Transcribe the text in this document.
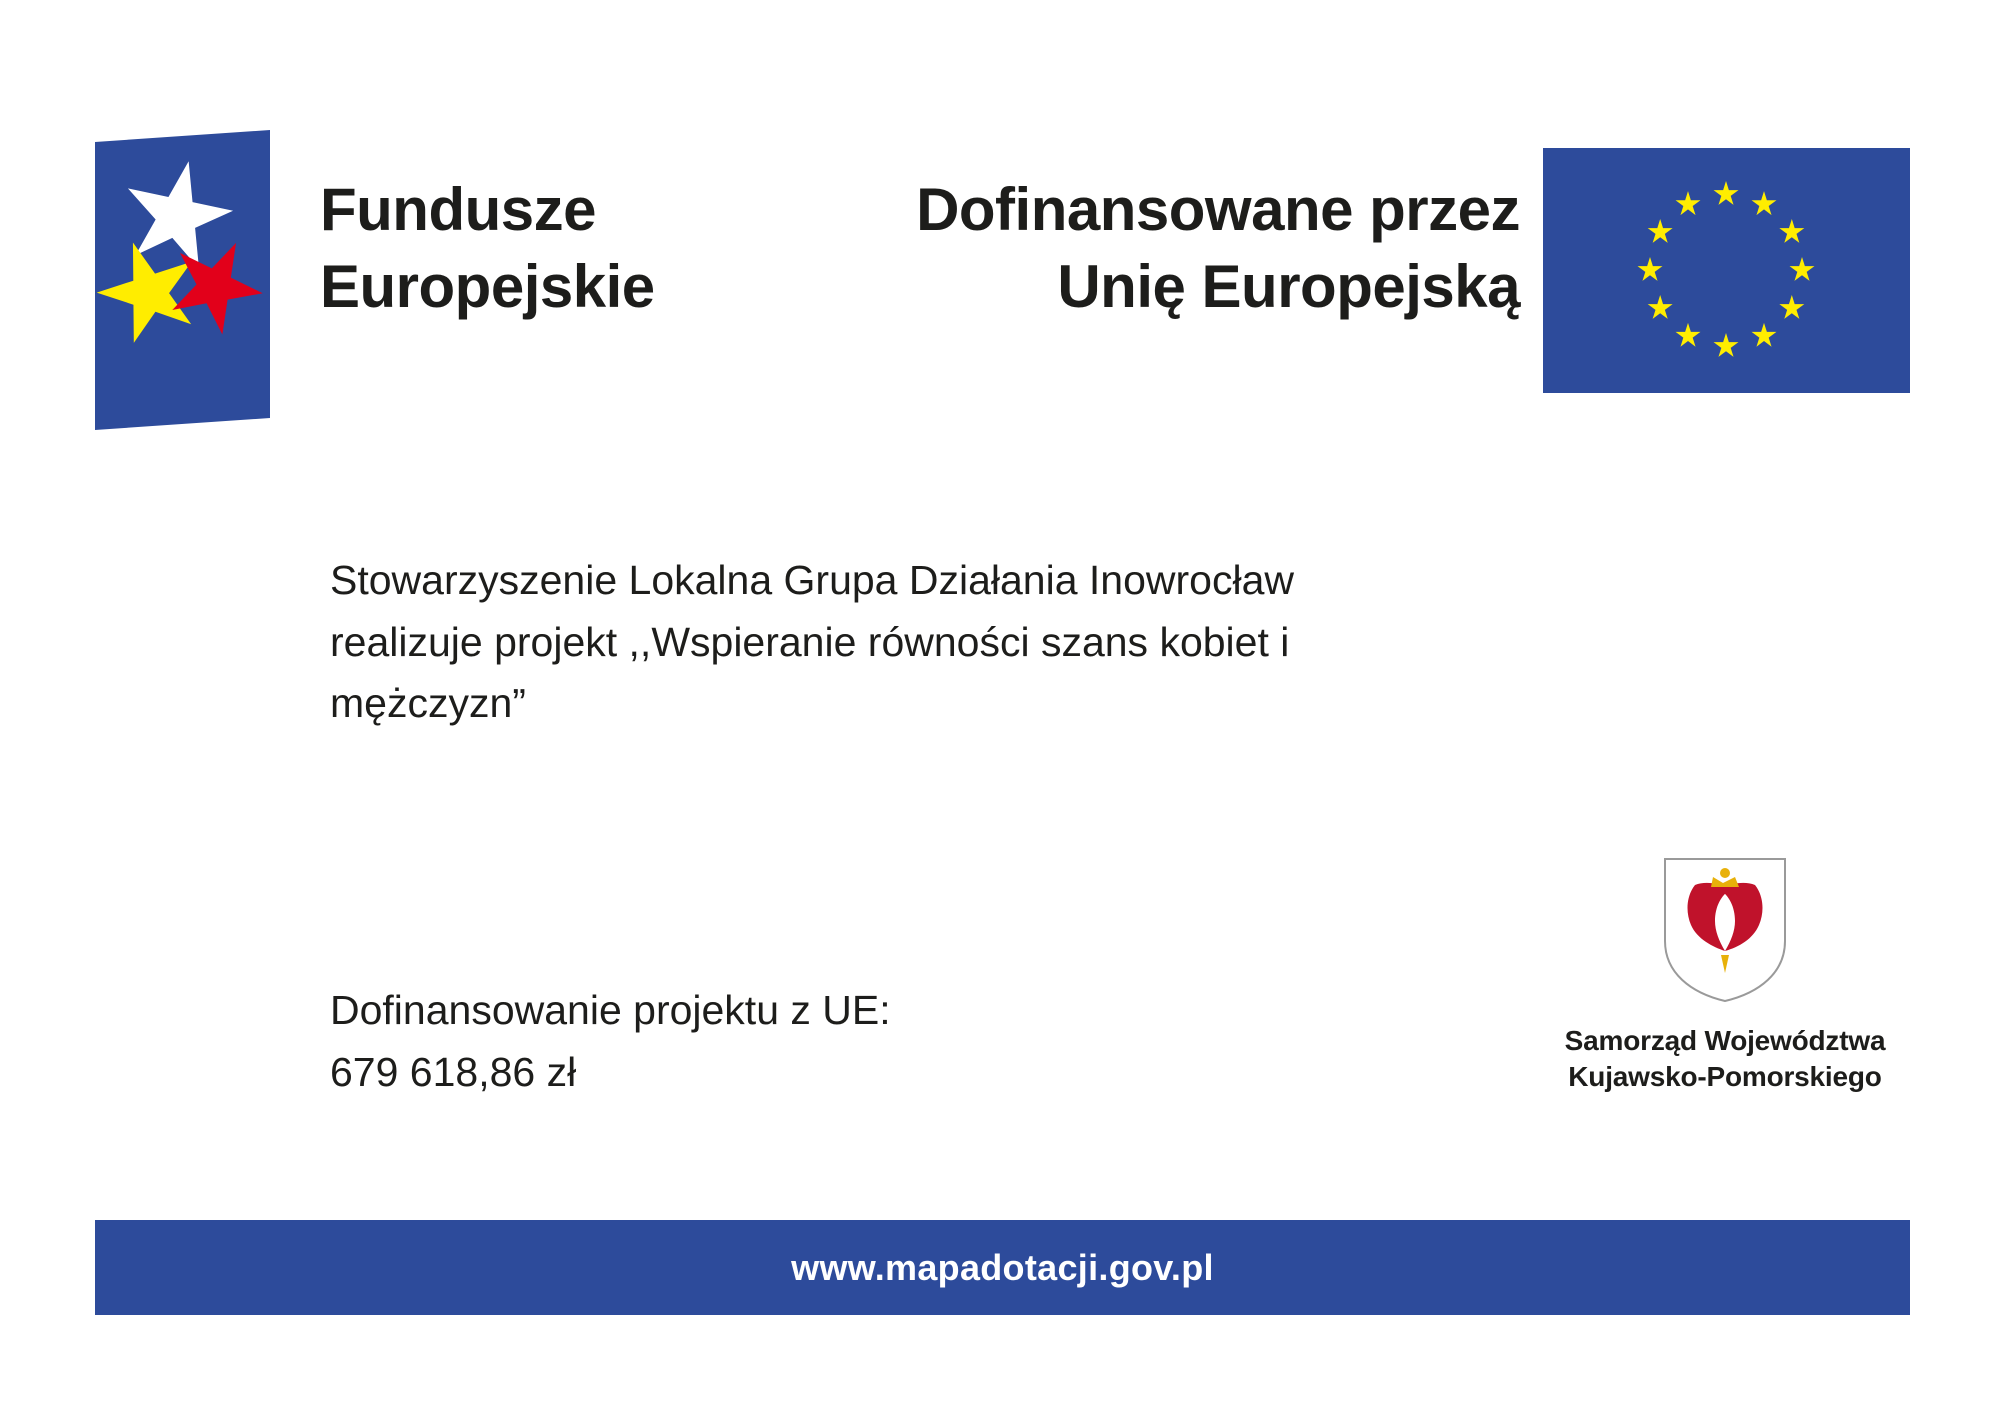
Fundusze
Europejskie
Dofinansowane przez
Unię Europejską
Stowarzyszenie Lokalna Grupa Działania Inowrocław
realizuje projekt ,,Wspieranie równości szans kobiet i
mężczyzn”
Dofinansowanie projektu z UE:
679 618,86 zł
Samorząd Województwa
Kujawsko-Pomorskiego
www.mapadotacji.gov.pl
